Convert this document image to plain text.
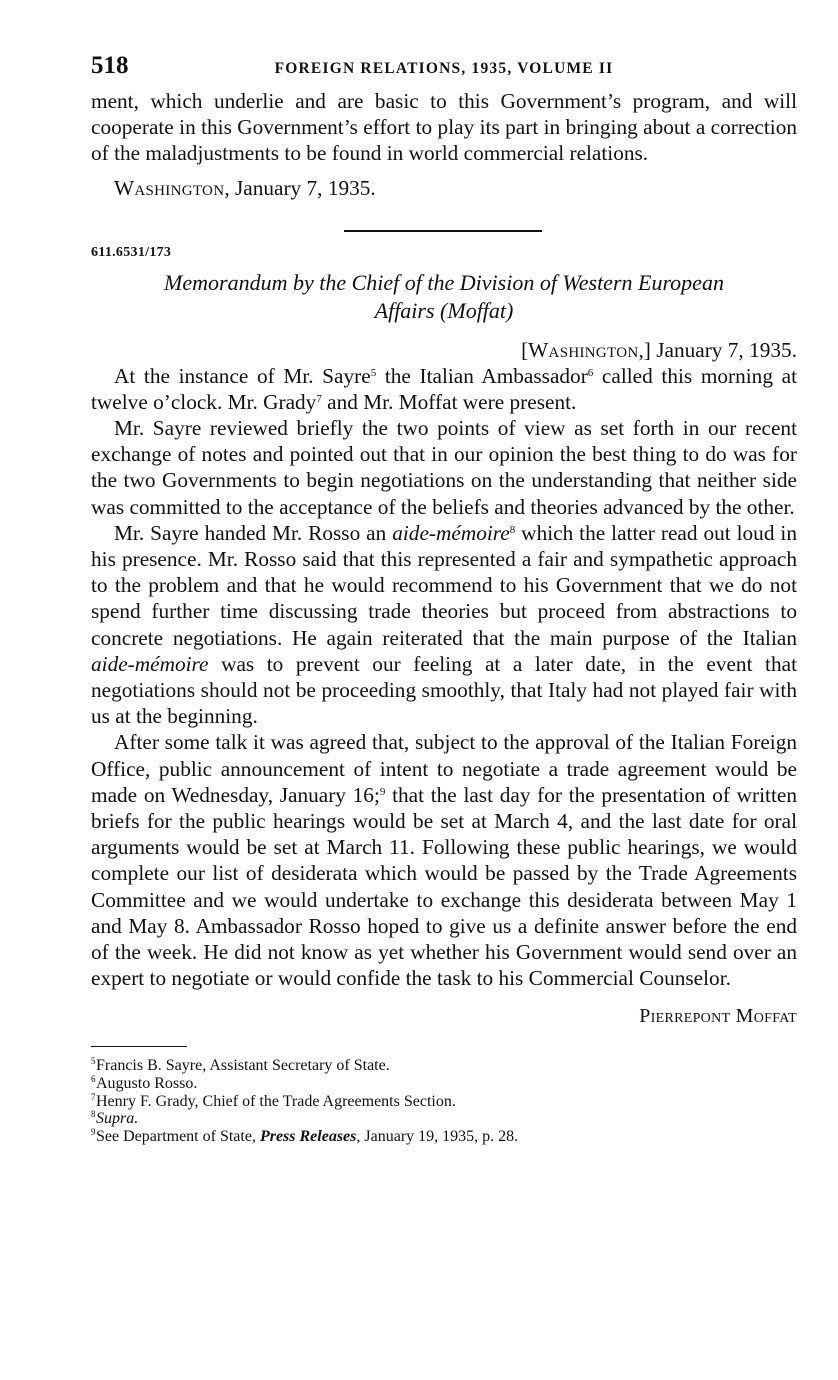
518	FOREIGN RELATIONS, 1935, VOLUME II

ment, which underlie and are basic to this Government’s program, and will cooperate in this Government’s effort to play its part in bringing about a correction of the maladjustments to be found in world commercial relations.

Washington, January 7, 1935.

611.6531/173
Memorandum by the Chief of the Division of Western European
Affairs (Moffat)
[Washington,] January 7, 1935.

At the instance of Mr. Sayre$^5$ the Italian Ambassador$^6$ called this morning at twelve o’clock. Mr. Grady$^7$ and Mr. Moffat were present.

Mr. Sayre reviewed briefly the two points of view as set forth in our recent exchange of notes and pointed out that in our opinion the best thing to do was for the two Governments to begin negotiations on the understanding that neither side was committed to the acceptance of the beliefs and theories advanced by the other.

Mr. Sayre handed Mr. Rosso an aide-mémoire$^8$ which the latter read out loud in his presence. Mr. Rosso said that this represented a fair and sympathetic approach to the problem and that he would recommend to his Government that we do not spend further time discussing trade theories but proceed from abstractions to concrete negotiations. He again reiterated that the main purpose of the Italian aide-mémoire was to prevent our feeling at a later date, in the event that negotiations should not be proceeding smoothly, that Italy had not played fair with us at the beginning.

After some talk it was agreed that, subject to the approval of the Italian Foreign Office, public announcement of intent to negotiate a trade agreement would be made on Wednesday, January 16;$^9$ that the last day for the presentation of written briefs for the public hearings would be set at March 4, and the last date for oral arguments would be set at March 11. Following these public hearings, we would complete our list of desiderata which would be passed by the Trade Agreements Committee and we would undertake to exchange this desiderata between May 1 and May 8. Ambassador Rosso hoped to give us a definite answer before the end of the week. He did not know as yet whether his Government would send over an expert to negotiate or would confide the task to his Commercial Counselor.

Pierrepont Moffat

$^5$Francis B. Sayre, Assistant Secretary of State.

$^6$Augusto Rosso.

$^7$Henry F. Grady, Chief of the Trade Agreements Section.

$^8$Supra.

$^9$See Department of State, Press Releases, January 19, 1935, p. 28.
